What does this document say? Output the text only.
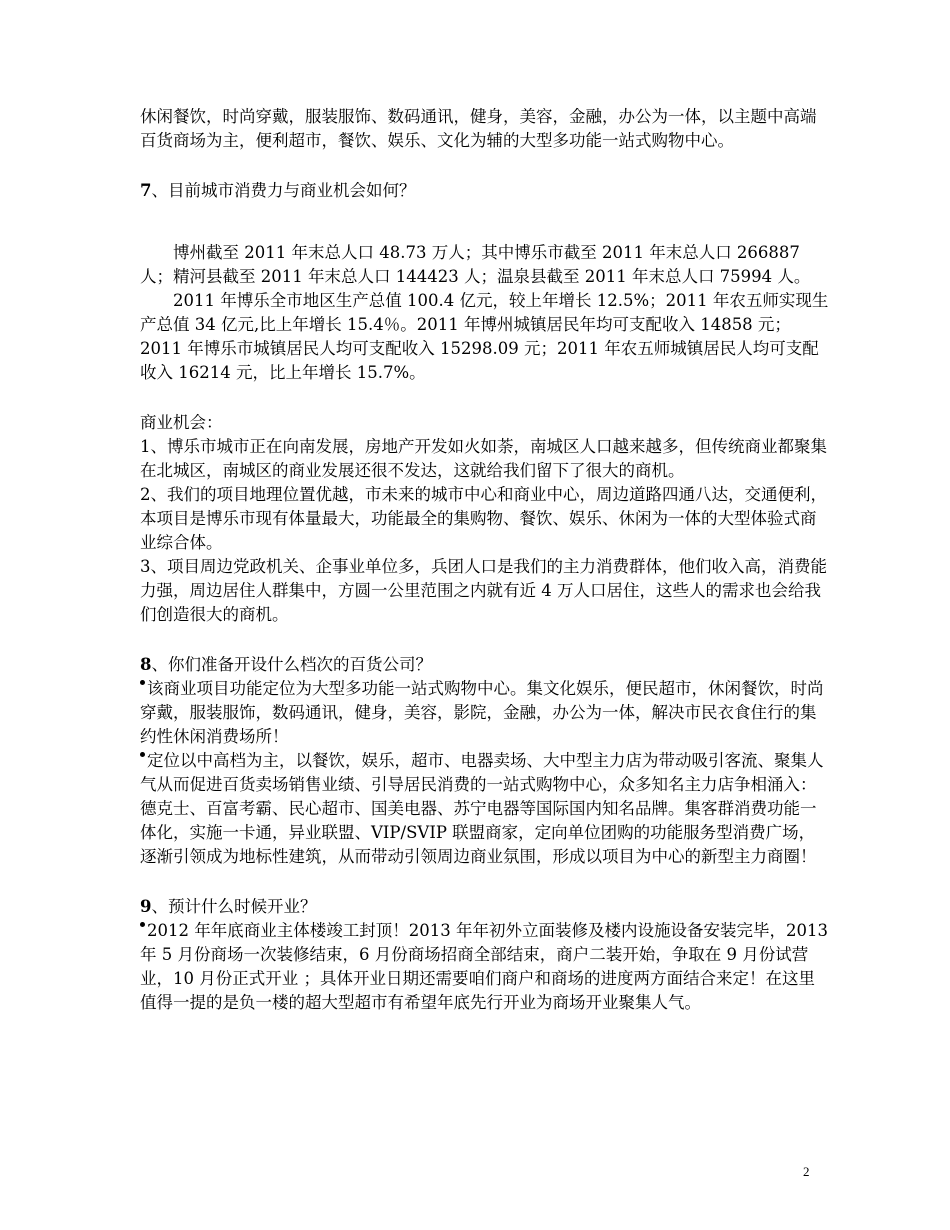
休闲餐饮，时尚穿戴，服装服饰、数码通讯，健身，美容，金融，办公为一体，以主题中高端百货商场为主，便利超市，餐饮、娱乐、文化为辅的大型多功能一站式购物中心。

7、目前城市消费力与商业机会如何？

博州截至 2011 年末总人口 48.73 万人；其中博乐市截至 2011 年末总人口 266887 人；精河县截至 2011 年末总人口 144423 人；温泉县截至 2011 年末总人口 75994 人。

2011 年博乐全市地区生产总值 100.4 亿元，较上年增长 12.5%；2011 年农五师实现生产总值 34 亿元,比上年增长 15.4％。2011 年博州城镇居民年均可支配收入 14858 元；2011 年博乐市城镇居民人均可支配收入 15298.09 元；2011 年农五师城镇居民人均可支配收入 16214 元，比上年增长 15.7%。

商业机会：

1、博乐市城市正在向南发展，房地产开发如火如荼，南城区人口越来越多，但传统商业都聚集在北城区，南城区的商业发展还很不发达，这就给我们留下了很大的商机。

2、我们的项目地理位置优越，市未来的城市中心和商业中心，周边道路四通八达，交通便利，本项目是博乐市现有体量最大，功能最全的集购物、餐饮、娱乐、休闲为一体的大型体验式商业综合体。

3、项目周边党政机关、企事业单位多，兵团人口是我们的主力消费群体，他们收入高，消费能力强，周边居住人群集中，方圆一公里范围之内就有近 4 万人口居住，这些人的需求也会给我们创造很大的商机。

8、你们准备开设什么档次的百货公司？

该商业项目功能定位为大型多功能一站式购物中心。集文化娱乐，便民超市，休闲餐饮，时尚穿戴，服装服饰，数码通讯，健身，美容，影院，金融，办公为一体，解决市民衣食住行的集约性休闲消费场所！

定位以中高档为主，以餐饮，娱乐，超市、电器卖场、大中型主力店为带动吸引客流、聚集人气从而促进百货卖场销售业绩、引导居民消费的一站式购物中心，众多知名主力店争相涌入：德克士、百富考霸、民心超市、国美电器、苏宁电器等国际国内知名品牌。集客群消费功能一体化，实施一卡通，异业联盟、VIP/SVIP 联盟商家，定向单位团购的功能服务型消费广场，逐渐引领成为地标性建筑，从而带动引领周边商业氛围，形成以项目为中心的新型主力商圈！

9、预计什么时候开业？

2012 年年底商业主体楼竣工封顶！2013 年年初外立面装修及楼内设施设备安装完毕，2013 年 5 月份商场一次装修结束，6 月份商场招商全部结束，商户二装开始，争取在 9 月份试营业，10 月份正式开业 ；具体开业日期还需要咱们商户和商场的进度两方面结合来定！在这里值得一提的是负一楼的超大型超市有希望年底先行开业为商场开业聚集人气。

2
